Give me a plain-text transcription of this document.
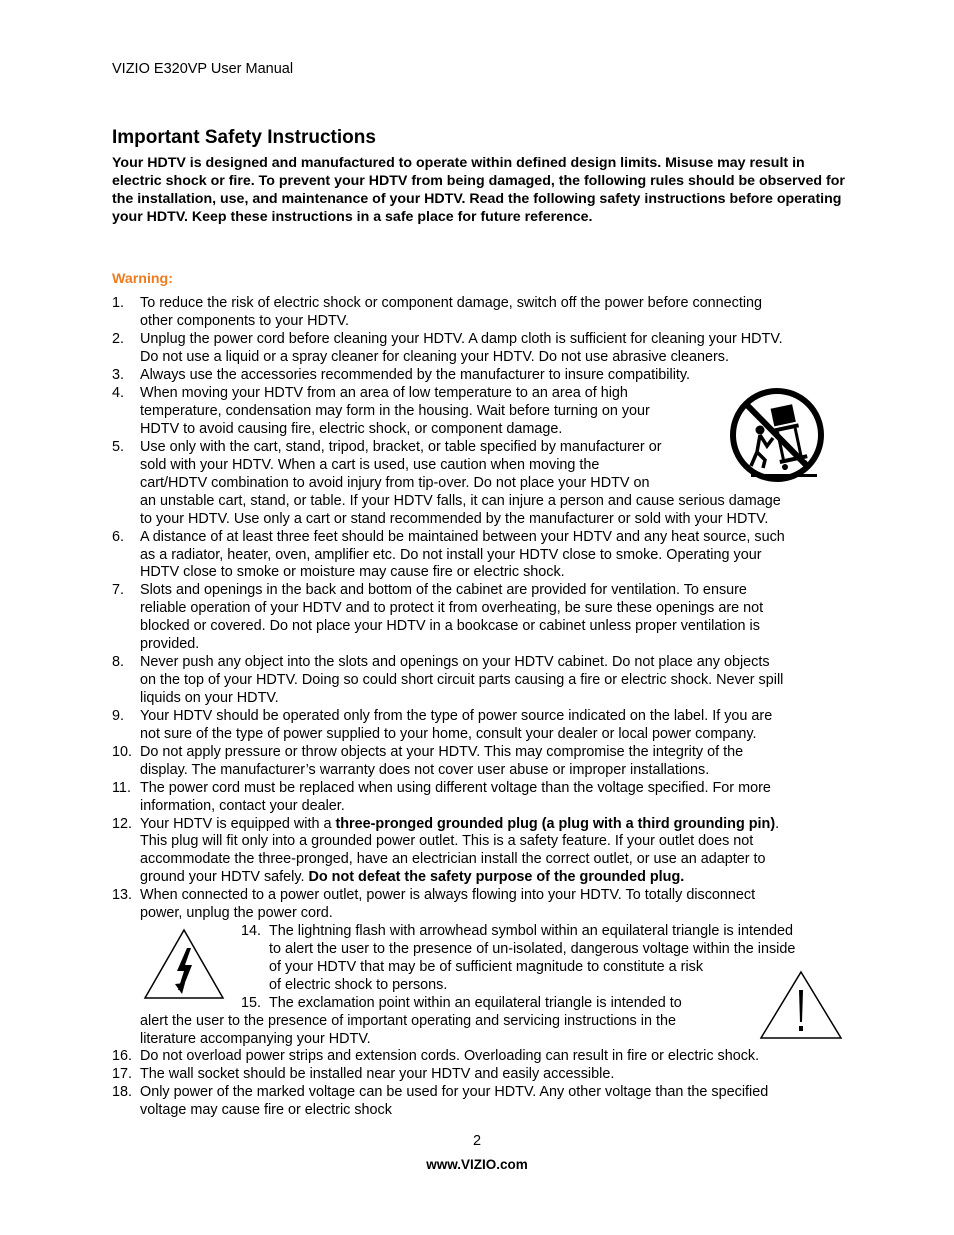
VIZIO E320VP User Manual
Important Safety Instructions
Your HDTV is designed and manufactured to operate within defined design limits. Misuse may result in electric shock or fire. To prevent your HDTV from being damaged, the following rules should be observed for the installation, use, and maintenance of your HDTV. Read the following safety instructions before operating your HDTV. Keep these instructions in a safe place for future reference.
Warning:
1.
2.
3.
4.
5.
6.
7.
8.
9.
10.
11.
12.
13.
14.
15.
16.
17.
18.
To reduce the risk of electric shock or component damage, switch off the power before connecting
other components to your HDTV.
Unplug the power cord before cleaning your HDTV. A damp cloth is sufficient for cleaning your HDTV.
Do not use a liquid or a spray cleaner for cleaning your HDTV. Do not use abrasive cleaners.
Always use the accessories recommended by the manufacturer to insure compatibility.
When moving your HDTV from an area of low temperature to an area of high
temperature, condensation may form in the housing. Wait before turning on your
HDTV to avoid causing fire, electric shock, or component damage.
Use only with the cart, stand, tripod, bracket, or table specified by manufacturer or
sold with your HDTV. When a cart is used, use caution when moving the
cart/HDTV combination to avoid injury from tip-over. Do not place your HDTV on
an unstable cart, stand, or table. If your HDTV falls, it can injure a person and cause serious damage
to your HDTV. Use only a cart or stand recommended by the manufacturer or sold with your HDTV.
A distance of at least three feet should be maintained between your HDTV and any heat source, such
as a radiator, heater, oven, amplifier etc. Do not install your HDTV close to smoke. Operating your
HDTV close to smoke or moisture may cause fire or electric shock.
Slots and openings in the back and bottom of the cabinet are provided for ventilation. To ensure
reliable operation of your HDTV and to protect it from overheating, be sure these openings are not
blocked or covered. Do not place your HDTV in a bookcase or cabinet unless proper ventilation is
provided.
Never push any object into the slots and openings on your HDTV cabinet. Do not place any objects
on the top of your HDTV. Doing so could short circuit parts causing a fire or electric shock. Never spill
liquids on your HDTV.
Your HDTV should be operated only from the type of power source indicated on the label. If you are
not sure of the type of power supplied to your home, consult your dealer or local power company.
Do not apply pressure or throw objects at your HDTV. This may compromise the integrity of the
display. The manufacturer’s warranty does not cover user abuse or improper installations.
The power cord must be replaced when using different voltage than the voltage specified. For more
information, contact your dealer.
Your HDTV is equipped with a three-pronged grounded plug (a plug with a third grounding pin).
This plug will fit only into a grounded power outlet. This is a safety feature. If your outlet does not
accommodate the three-pronged, have an electrician install the correct outlet, or use an adapter to
ground your HDTV safely. Do not defeat the safety purpose of the grounded plug.
When connected to a power outlet, power is always flowing into your HDTV. To totally disconnect
power, unplug the power cord.
The lightning flash with arrowhead symbol within an equilateral triangle is intended
to alert the user to the presence of un-isolated, dangerous voltage within the inside
of your HDTV that may be of sufficient magnitude to constitute a risk
of electric shock to persons.
The exclamation point within an equilateral triangle is intended to
alert the user to the presence of important operating and servicing instructions in the
literature accompanying your HDTV.
Do not overload power strips and extension cords. Overloading can result in fire or electric shock.
The wall socket should be installed near your HDTV and easily accessible.
Only power of the marked voltage can be used for your HDTV. Any other voltage than the specified
voltage may cause fire or electric shock
2
www.VIZIO.com
